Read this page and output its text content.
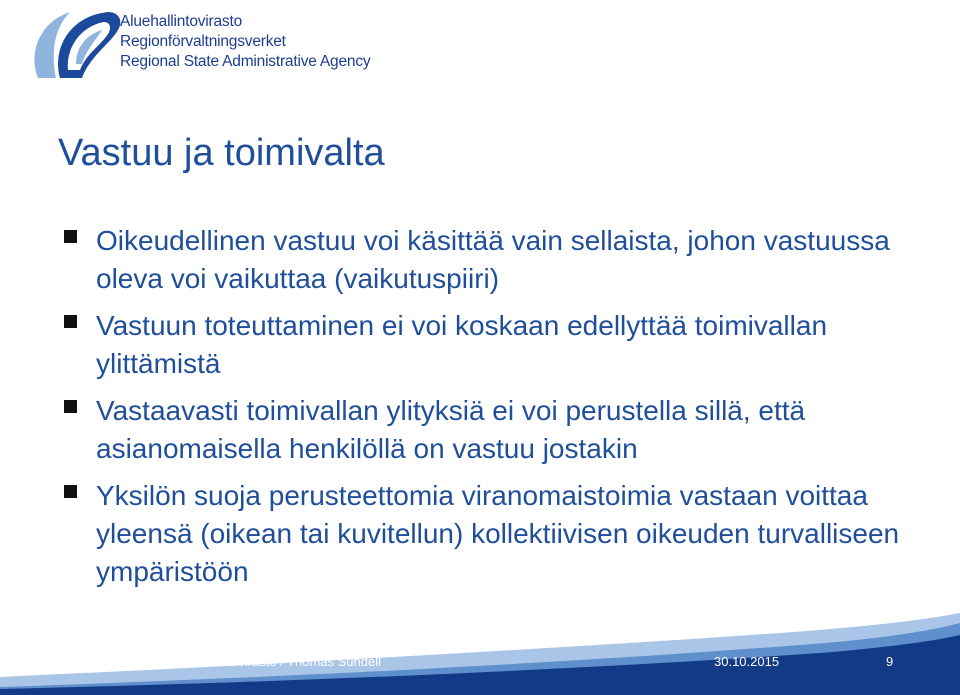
Aluehallintovirasto
Regionförvaltningsverket
Regional State Administrative Agency
Vastuu ja toimivalta
Oikeudellinen vastuu voi käsittää vain sellaista, johon vastuussa oleva voi vaikuttaa (vaikutuspiiri)
Vastuun toteuttaminen ei voi koskaan edellyttää toimivallan ylittämistä
Vastaavasti toimivallan ylityksiä ei voi perustella sillä, että asianomaisella henkilöllä on vastuu jostakin
Yksilön suoja perusteettomia viranomaistoimia vastaan voittaa yleensä (oikean tai kuvitellun) kollektiivisen oikeuden turvalliseen ympäristöön
Länsi- ja Sisä-Suomen aluehallintovirasto / Thomas Sundell	30.10.2015	9
